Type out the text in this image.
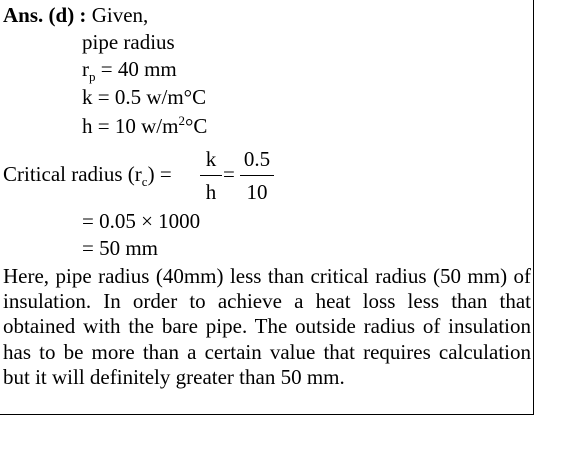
Ans. (d) : Given,
pipe radius
$r_p = 40$ mm
k = 0.5 w/m°C
h = 10 $w/m^2^\circ C$
Critical radius $(r_c)$ =
k
h
=
0.5
10
= 0.05 × 1000
= 50 mm
Here, pipe radius (40mm) less than critical radius (50 mm) of insulation. In order to achieve a heat loss less than that obtained with the bare pipe. The outside radius of insulation has to be more than a certain value that requires calculation but it will definitely greater than 50 mm.
